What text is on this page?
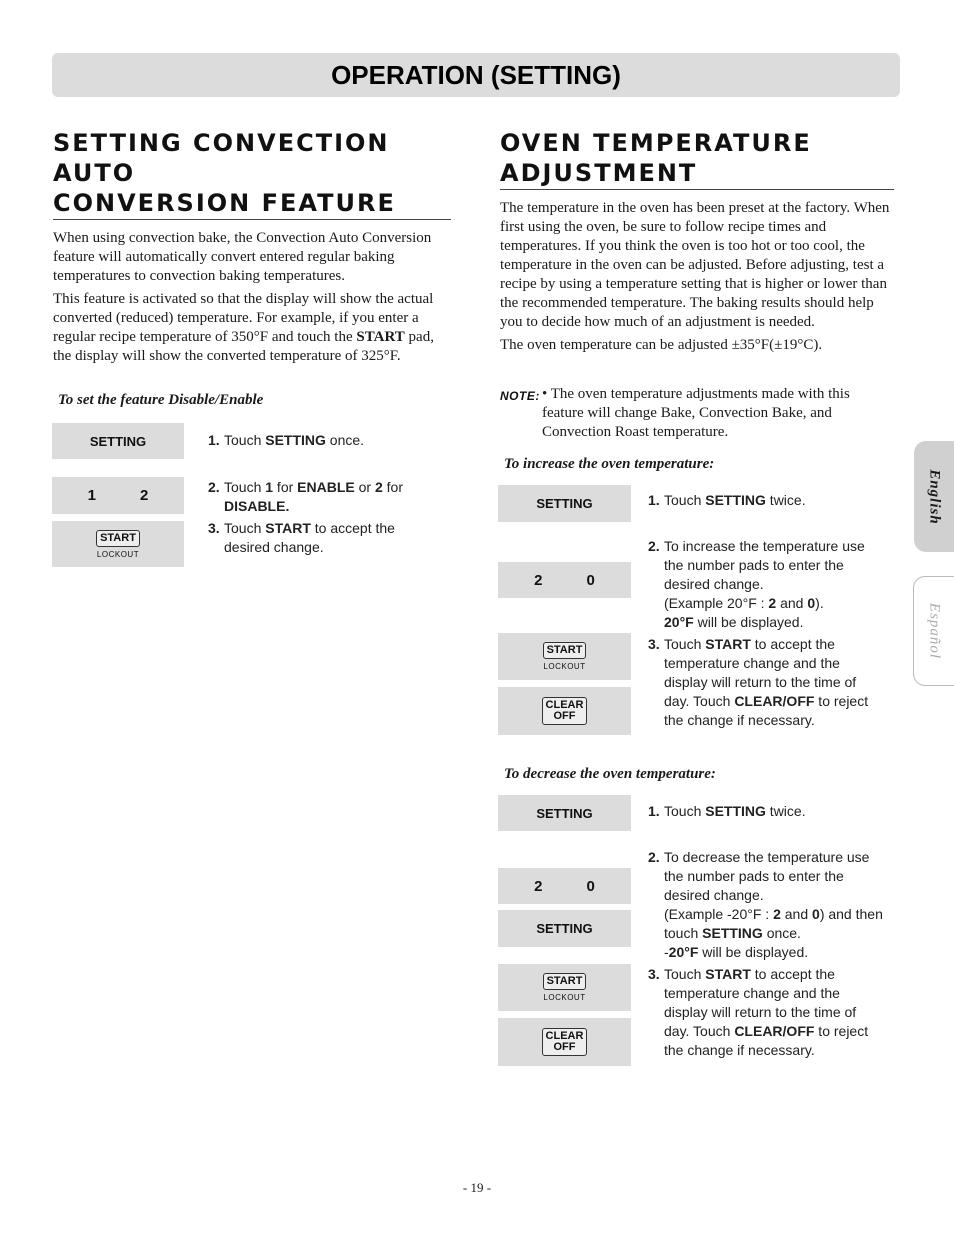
OPERATION (SETTING)
SETTING CONVECTION AUTO
CONVERSION FEATURE

When using convection bake, the Convection Auto Conversion feature will automatically convert entered regular baking temperatures to convection baking temperatures.

This feature is activated so that the display will show the actual converted (reduced) temperature. For example, if you enter a regular recipe temperature of 350°F and touch the START pad, the display will show the converted temperature of 325°F.

To set the feature Disable/Enable
SETTING
1	2
START
LOCKOUT
1. Touch SETTING once.
2. Touch 1 for ENABLE or 2 for

DISABLE.
3. Touch START to accept the
desired change.
OVEN TEMPERATURE
ADJUSTMENT

The temperature in the oven has been preset at the factory. When first using the oven, be sure to follow recipe times and temperatures. If you think the oven is too hot or too cool, the temperature in the oven can be adjusted. Before adjusting, test a recipe by using a temperature setting that is higher or lower than the recommended temperature. The baking results should help you to decide how much of an adjustment is needed.

The oven temperature can be adjusted ±35°F(±19°C).

NOTE: • The oven temperature adjustments made with this feature will change Bake, Convection Bake, and Convection Roast temperature.
To increase the oven temperature:
SETTING
2	0
START
LOCKOUT
CLEAR
OFF
1. Touch SETTING twice.
2. To increase the temperature use
the number pads to enter the
desired change.
(Example 20°F : 2 and 0).
20°F will be displayed.
3. Touch START to accept the
temperature change and the
display will return to the time of
day. Touch CLEAR/OFF to reject
the change if necessary.
To decrease the oven temperature:
SETTING
2	0
SETTING
START
LOCKOUT
CLEAR
OFF
1. Touch SETTING twice.
2. To decrease the temperature use
the number pads to enter the
desired change.
(Example -20°F : 2 and 0) and then
touch SETTING once.
-20°F will be displayed.
3. Touch START to accept the
temperature change and the
display will return to the time of
day. Touch CLEAR/OFF to reject
the change if necessary.
English
Español
- 19 -
